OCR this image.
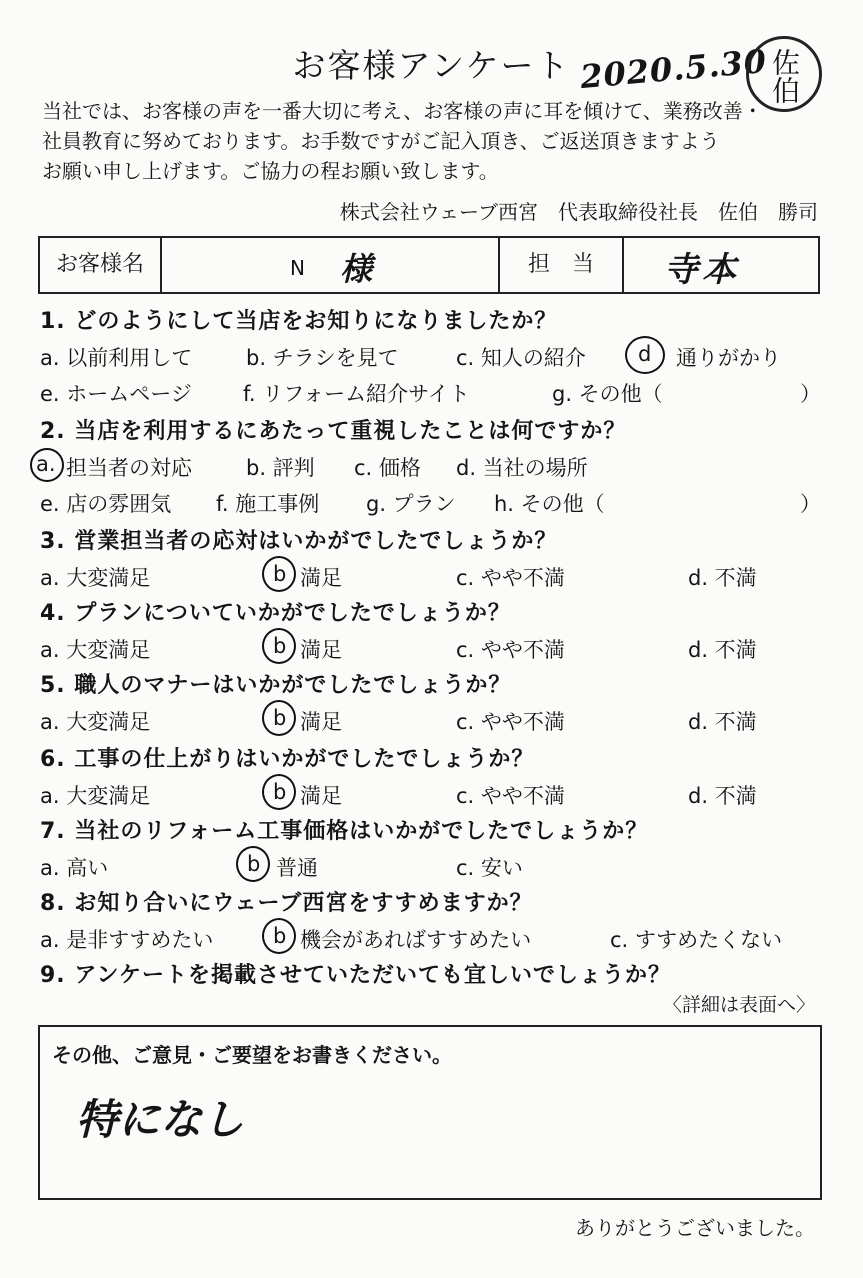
お客様アンケート 2020.5.30 佐伯
当社では、お客様の声を一番大切に考え、お客様の声に耳を傾けて、業務改善・
社員教育に努めております。お手数ですがご記入頂き、ご返送頂きますよう
お願い申し上げます。ご協力の程お願い致します。
株式会社ウェーブ西宮　代表取締役社長　佐伯　勝司
お客様名	N 様	担　当	寺本
1. どのようにして当店をお知りになりましたか？
a. 以前利用して	b. チラシを見て	c. 知人の紹介 d 通りがかり
e. ホームページ f. リフォーム紹介サイト	g. その他（	）
2. 当店を利用するにあたって重視したことは何ですか？
a. 担当者の対応	b. 評判 c. 価格 d. 当社の場所
e. 店の雰囲気 f. 施工事例 g. プラン h. その他（	）
3. 営業担当者の応対はいかがでしたでしょうか？
a. 大変満足	b 満足	c. やや不満	d. 不満
4. プランについていかがでしたでしょうか？
a. 大変満足	b 満足	c. やや不満	d. 不満
5. 職人のマナーはいかがでしたでしょうか？
a. 大変満足	b 満足	c. やや不満	d. 不満
6. 工事の仕上がりはいかがでしたでしょうか？
a. 大変満足	b 満足	c. やや不満	d. 不満
7. 当社のリフォーム工事価格はいかがでしたでしょうか？
a. 高い	b 普通	c. 安い
8. お知り合いにウェーブ西宮をすすめますか？
a. 是非すすめたい	b 機会があればすすめたい	c. すすめたくない
9. アンケートを掲載させていただいても宜しいでしょうか？
〈詳細は表面へ〉
その他、ご意見・ご要望をお書きください。
特になし
ありがとうございました。
